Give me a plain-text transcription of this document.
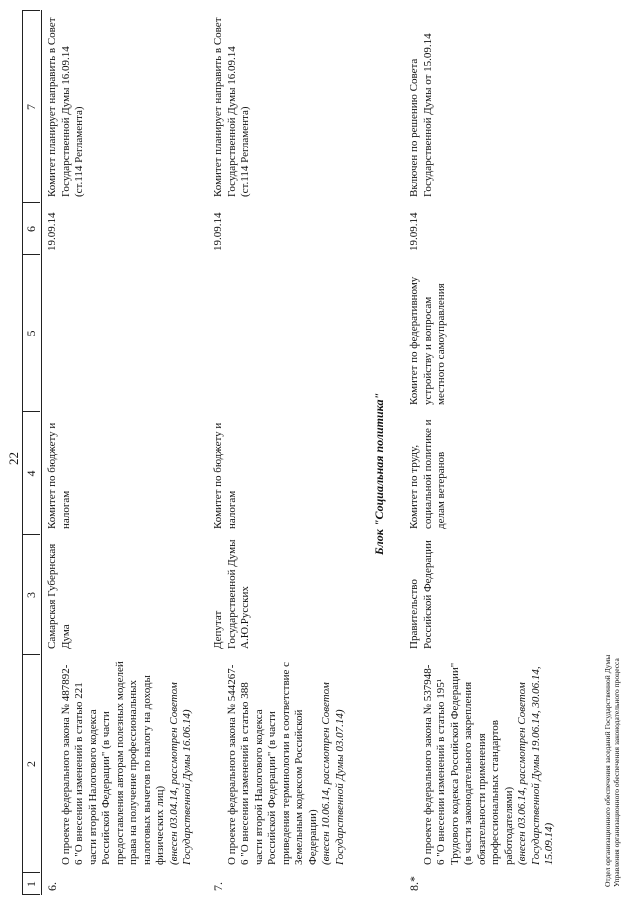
22
1
2
3
4
5
6
7
6.

О проекте федерального закона № 487892-6 "О внесении изменений в статью 221 части второй Налогового кодекса Российской Федерации" (в части предоставления авторам полезных моделей права на получение профессиональных налоговых вычетов по налогу на доходы физических лиц) (внесен 03.04.14, рассмотрен Советом Государственной Думы 16.06.14)

Самарская Губернская Дума
Комитет по бюджету и налогам
19.09.14
Комитет планирует направить в Совет Государственной Думы 16.09.14 (ст.114 Регламента)
7.

О проекте федерального закона № 544267-6 "О внесении изменений в статью 388 части второй Налогового кодекса Российской Федерации" (в части приведения терминологии в соответствие с Земельным кодексом Российской Федерации) (внесен 10.06.14, рассмотрен Советом Государственной Думы 03.07.14)

Депутат Государственной Думы А.Ю.Русских
Комитет по бюджету и налогам
19.09.14
Комитет планирует направить в Совет Государственной Думы 16.09.14 (ст.114 Регламента)
Блок "Социальная политика"
8.*

О проекте федерального закона № 537948-6 "О внесении изменений в статью 195¹ Трудового кодекса Российской Федерации" (в части законодательного закрепления обязательности применения профессиональных стандартов работодателями) (внесен 03.06.14, рассмотрен Советом Государственной Думы 19.06.14, 30.06.14, 15.09.14)

Правительство Российской Федерации
Комитет по труду, социальной политике и делам ветеранов
Комитет по федеративному устройству и вопросам местного самоуправления
19.09.14
Включен по решению Совета Государственной Думы от 15.09.14
Отдел организационного обеспечения заседаний Государственной Думы Управления организационного обеспечения законодательного процесса
